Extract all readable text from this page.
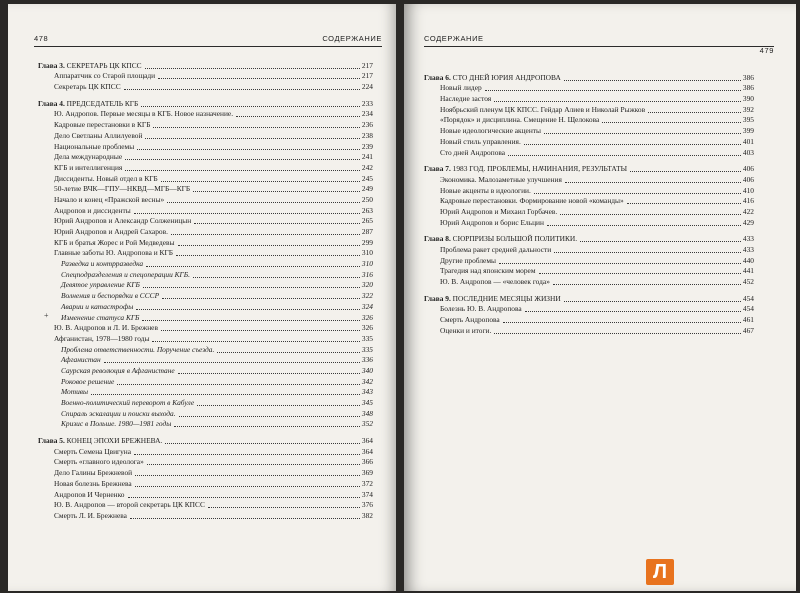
478	СОДЕРЖАНИЕ
Глава 3. СЕКРЕТАРЬ ЦК КПСС	217
Аппаратчик со Старой площади	217
Секретарь ЦК КПСС	224
Глава 4. ПРЕДСЕДАТЕЛЬ КГБ	233
Ю. Андропов. Первые месяцы в КГБ. Новое назначение.	234
Кадровые перестановки в КГБ	236
Дело Светланы Аллилуевой	238
Национальные проблемы	239
Дела международные	241
КГБ и интеллигенция	242
Диссиденты. Новый отдел в КГБ	245
50-летие ВЧК—ГПУ—НКВД—МГБ—КГБ	249
Начало и конец «Пражской весны»	250
Андропов и диссиденты	263
Юрий Андропов и Александр Солженицын	265
Юрий Андропов и Андрей Сахаров.	287
КГБ и братья Жорес и Рой Медведевы	299
Главные заботы Ю. Андропова и КГБ	310
Разведка и контрразведка	310
Спецподразделения и спецоперации КГБ.	316
Девятое управление КГБ	320
Волнения и беспорядки в СССР	322
Аварии и катастрофы	324
Изменение статуса КГБ	326
Ю. В. Андропов и Л. И. Брежнев	326
Афганистан, 1978—1980 годы	335
Проблема ответственности. Поручение съезда.	335
Афганистан	336
Саурская революция в Афганистане	340
Роковое решение	342
Мотивы	343
Военно-политический переворот в Кабуле	345
Спираль эскалации и поиски выхода.	348
Кризис в Польше. 1980—1981 годы	352
Глава 5. КОНЕЦ ЭПОХИ БРЕЖНЕВА.	364
Смерть Семена Цвигуна	364
Смерть «главного идеолога»	366
Дело Галины Брежневой	369
Новая болезнь Брежнева	372
Андропов И Черненко	374
Ю. В. Андропов — второй секретарь ЦК КПСС	376
Смерть Л. И. Брежнева	382
СОДЕРЖАНИЕ
479
Глава 6. СТО ДНЕЙ ЮРИЯ АНДРОПОВА	386
Новый лидер	386
Наследие застоя	390
Ноябрьский пленум ЦК КПСС. Гейдар Алиев и Николай Рыжков	392
«Порядок» и дисциплина. Смещение Н. Щелокова	395
Новые идеологические акценты	399
Новый стиль управления.	401
Сто дней Андропова	403
Глава 7. 1983 ГОД. ПРОБЛЕМЫ, НАЧИНАНИЯ, РЕЗУЛЬТАТЫ	406
Экономика. Малозаметные улучшения	406
Новые акценты в идеологии.	410
Кадровые перестановки. Формирование новой «команды»	416
Юрий Андропов и Михаил Горбачев.	422
Юрий Андропов и борис Ельцин	429
Глава 8. СЮРПРИЗЫ БОЛЬШОЙ ПОЛИТИКИ.	433
Проблема ракет средней дальности	433
Другие проблемы	440
Трагедия над японским морем	441
Ю. В. Андропов — «человек года»	452
Глава 9. ПОСЛЕДНИЕ МЕСЯЦЫ ЖИЗНИ	454
Болезнь Ю. В. Андропова	454
Смерть Андропова	461
Оценки и итоги.	467
+
Л
